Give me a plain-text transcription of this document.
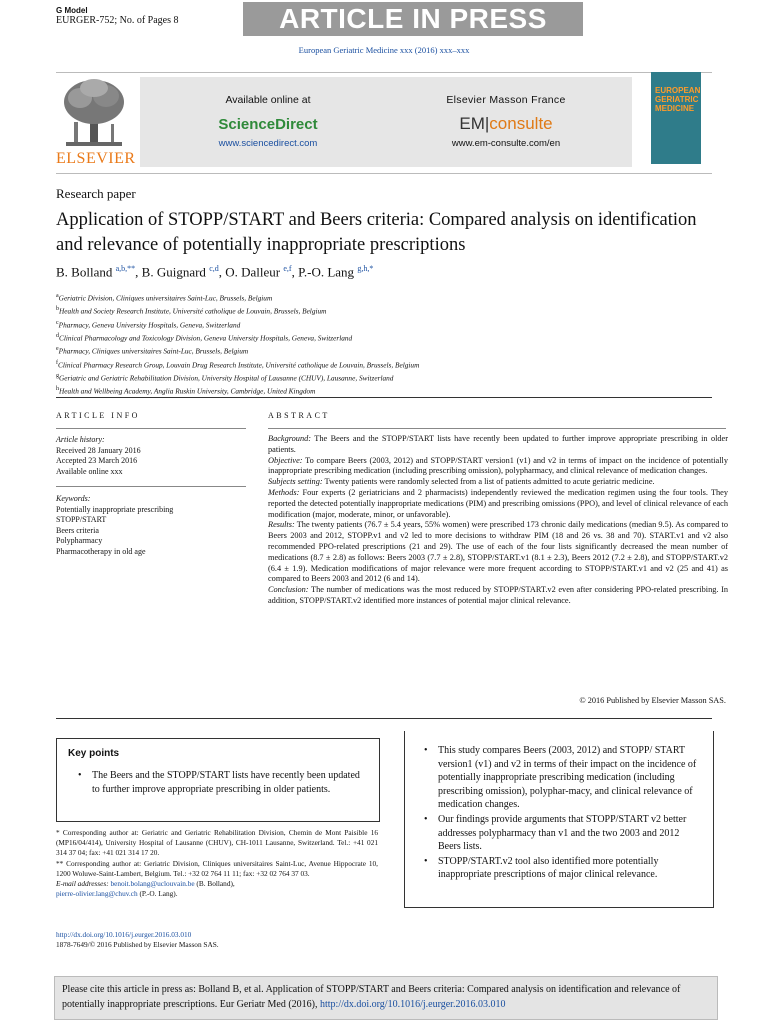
G Model
EURGER-752; No. of Pages 8	ARTICLE IN PRESS
European Geriatric Medicine xxx (2016) xxx–xxx
ELSEVIER
Available online at
ScienceDirect
www.sciencedirect.com
Elsevier Masson France
EM|consulte
www.em-consulte.com/en
EUROPEAN
GERIATRIC
MEDICINE
Research paper
Application of STOPP/START and Beers criteria: Compared analysis on identification and relevance of potentially inappropriate prescriptions
B. Bolland $^{a,b,**}$, B. Guignard $^{c,d}$, O. Dalleur $^{e,f}$, P.-O. Lang $^{g,h,*}$
$^a$Geriatric Division, Cliniques universitaires Saint-Luc, Brussels, Belgium
$^b$Health and Society Research Institute, Université catholique de Louvain, Brussels, Belgium
$^c$Pharmacy, Geneva University Hospitals, Geneva, Switzerland
$^d$Clinical Pharmacology and Toxicology Division, Geneva University Hospitals, Geneva, Switzerland
$^e$Pharmacy, Cliniques universitaires Saint-Luc, Brussels, Belgium
$^f$Clinical Pharmacy Research Group, Louvain Drug Research Institute, Université catholique de Louvain, Brussels, Belgium
$^g$Geriatric and Geriatric Rehabilitation Division, University Hospital of Lausanne (CHUV), Lausanne, Switzerland
$^h$Health and Wellbeing Academy, Anglia Ruskin University, Cambridge, United Kingdom
ARTICLE INFO	ABSTRACT
Article history:
Received 28 January 2016
Accepted 23 March 2016
Available online xxx
Keywords:
Potentially inappropriate prescribing
STOPP/START
Beers criteria
Polypharmacy
Pharmacotherapy in old age

Background: The Beers and the STOPP/START lists have recently been updated to further improve appropriate prescribing in older patients.

Objective: To compare Beers (2003, 2012) and STOPP/START version1 (v1) and v2 in terms of impact on the incidence of potentially inappropriate prescribing medication (including prescribing omission), polypharmacy, and clinical relevance of medication changes.

Subjects setting: Twenty patients were randomly selected from a list of patients admitted to acute geriatric medicine.

Methods: Four experts (2 geriatricians and 2 pharmacists) independently reviewed the medication regimen using the four tools. They reported the detected potentially inappropriate medications (PIM) and prescribing omissions (PPO), and level of clinical relevance of each modification (major, moderate, minor, or unfavorable).

Results: The twenty patients (76.7 ± 5.4 years, 55% women) were prescribed 173 chronic daily medications (median 9.5). As compared to Beers 2003 and 2012, STOPP.v1 and v2 led to more decisions to withdraw PIM (18 and 26 vs. 38 and 70). START.v1 and v2 also recommended PPO-related prescriptions (21 and 29). The use of each of the four lists significantly decreased the mean number of medications (8.7 ± 2.8) as follows: Beers 2003 (7.7 ± 2.8), STOPP/START.v1 (8.1 ± 2.3), Beers 2012 (7.2 ± 2.8), and STOPP/START.v2 (6.4 ± 1.9). Medication modifications of major relevance were more frequent according to STOPP/START.v1 and v2 (25 and 41) as compared to Beers 2003 and 2012 (6 and 14).

Conclusion: The number of medications was the most reduced by STOPP/START.v2 even after considering PPO-related prescribing. In addition, STOPP/START.v2 identified more instances of potential major clinical relevance.

© 2016 Published by Elsevier Masson SAS.
Key points
• The Beers and the STOPP/START lists have recently been updated to further improve appropriate prescribing in older patients.
• This study compares Beers (2003, 2012) and STOPP/ START version1 (v1) and v2 in terms of their impact on the incidence of potentially inappropriate prescribing medication (including prescribing omission), polyphar-macy, and clinical relevance of medication changes.
• Our findings provide arguments that STOPP/START v2 better addresses polypharmacy than v1 and the two 2003 and 2012 Beers lists.
• STOPP/START.v2 tool also identified more potentially inappropriate prescriptions of major clinical relevance.

* Corresponding author at: Geriatric and Geriatric Rehabilitation Division, Chemin de Mont Paisible 16 (MP16/04/414), University Hospital of Lausanne (CHUV), CH-1011 Lausanne, Switzerland. Tel.: +41 021 314 37 04; fax: +41 021 314 17 20.

** Corresponding author at: Geriatric Division, Cliniques universitaires Saint-Luc, Avenue Hippocrate 10, 1200 Woluwe-Saint-Lambert, Belgium. Tel.: +32 02 764 11 11; fax: +32 02 764 37 03.

E-mail addresses: benoit.bolang@uclouvain.be (B. Bolland),
pierre-olivier.lang@chuv.ch (P.-O. Lang).

http://dx.doi.org/10.1016/j.eurger.2016.03.010
1878-7649/© 2016 Published by Elsevier Masson SAS.
Please cite this article in press as: Bolland B, et al. Application of STOPP/START and Beers criteria: Compared analysis on identification and relevance of potentially inappropriate prescriptions. Eur Geriatr Med (2016), http://dx.doi.org/10.1016/j.eurger.2016.03.010
